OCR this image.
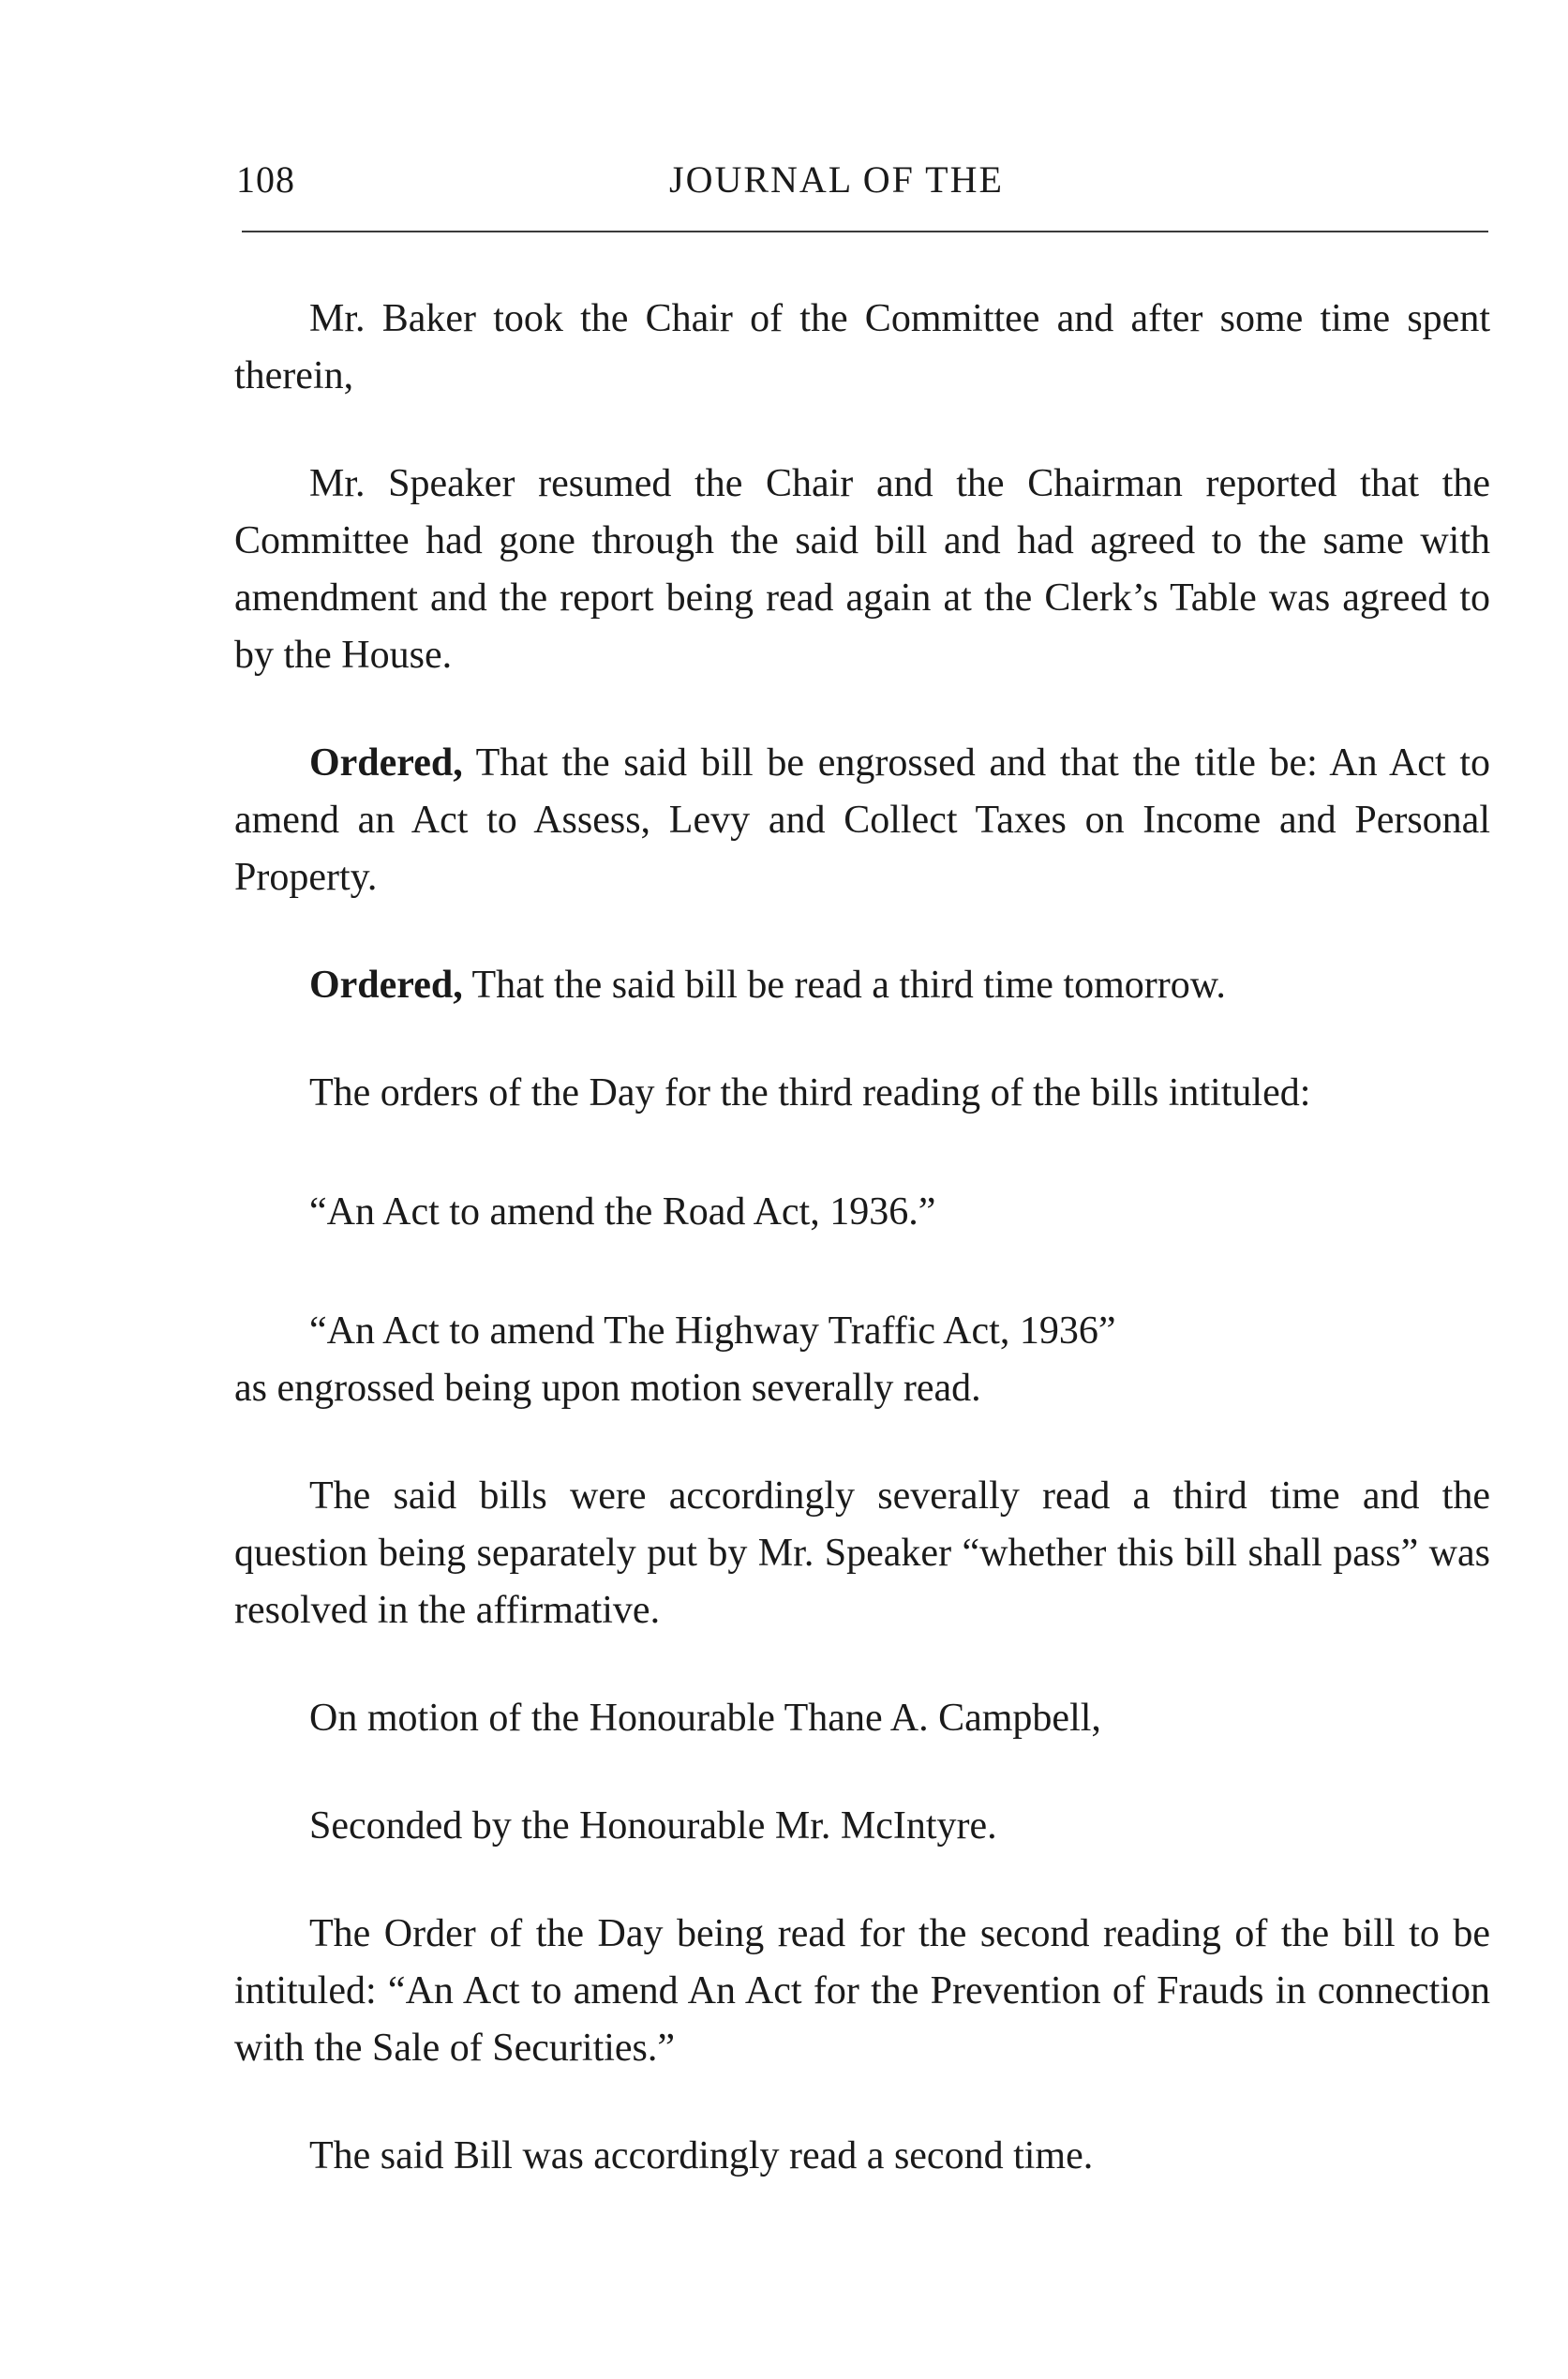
108	JOURNAL OF THE

Mr. Baker took the Chair of the Committee and after some time spent therein,

Mr. Speaker resumed the Chair and the Chairman reported that the Committee had gone through the said bill and had agreed to the same with amendment and the report being read again at the Clerk’s Table was agreed to by the House.

Ordered, That the said bill be engrossed and that the title be: An Act to amend an Act to Assess, Levy and Collect Taxes on Income and Personal Property.

Ordered, That the said bill be read a third time tomorrow.

The orders of the Day for the third reading of the bills intituled:

“An Act to amend the Road Act, 1936.”

“An Act to amend The Highway Traffic Act, 1936”
as engrossed being upon motion severally read.

The said bills were accordingly severally read a third time and the question being separately put by Mr. Speaker “whether this bill shall pass” was resolved in the affirmative.

On motion of the Honourable Thane A. Campbell,

Seconded by the Honourable Mr. McIntyre.

The Order of the Day being read for the second reading of the bill to be intituled: “An Act to amend An Act for the Prevention of Frauds in connection with the Sale of Securities.”

The said Bill was accordingly read a second time.
